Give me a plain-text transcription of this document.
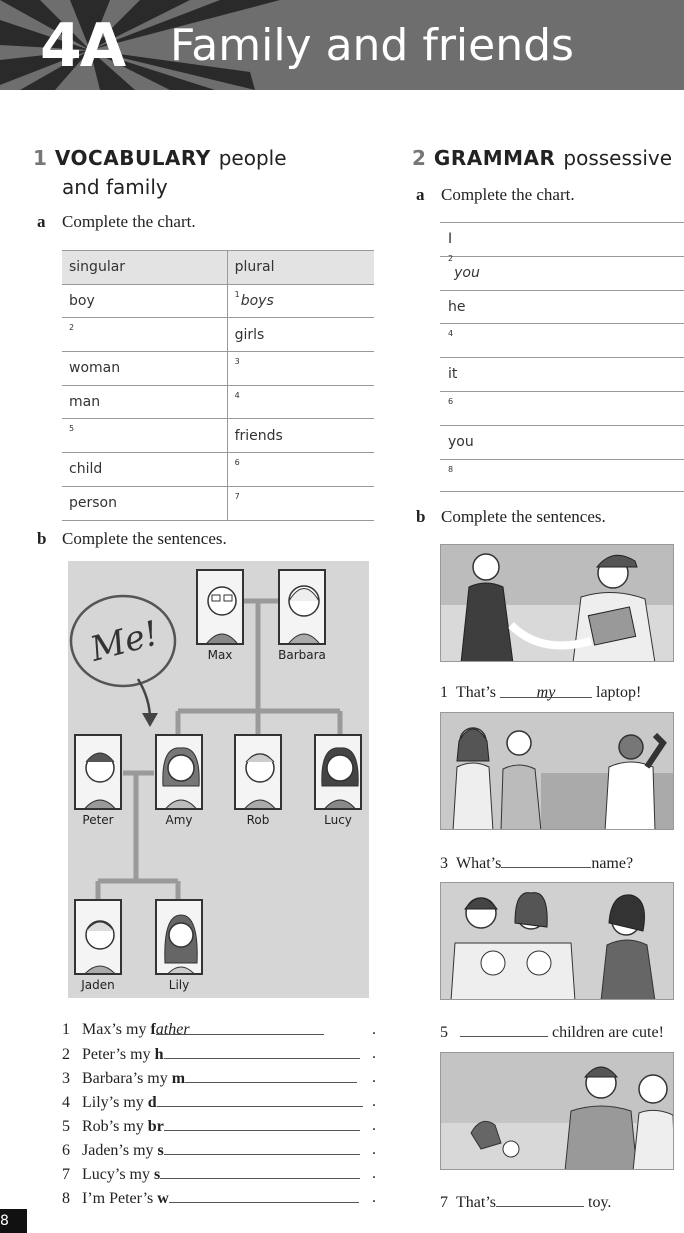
4A Family and friends
1 VOCABULARY people
and family
a Complete the chart.
singular	plural
boy	$^1$boys

2	girls
woman	3

man	4

5	friends
child	6

person	7
b Complete the sentences.
Me!	Max	Barbara
Peter	Amy	Rob	Lucy
Jaden	Lily
1 Max’s my father	.
2 Peter’s my h	.
3 Barbara’s my m	.
4 Lily’s my d	.
5 Rob’s my br	.
6 Jaden’s my s	.
7 Lucy’s my s	.
8 I’m Peter’s w	.
2 GRAMMAR possessive
a Complete the chart.
I
$^2$you
he
4
it
6
you
8
b Complete the sentences.
1 That’s	my	laptop!
3 What’s	name?
5	children are cute!
7 That’s	toy.
8
